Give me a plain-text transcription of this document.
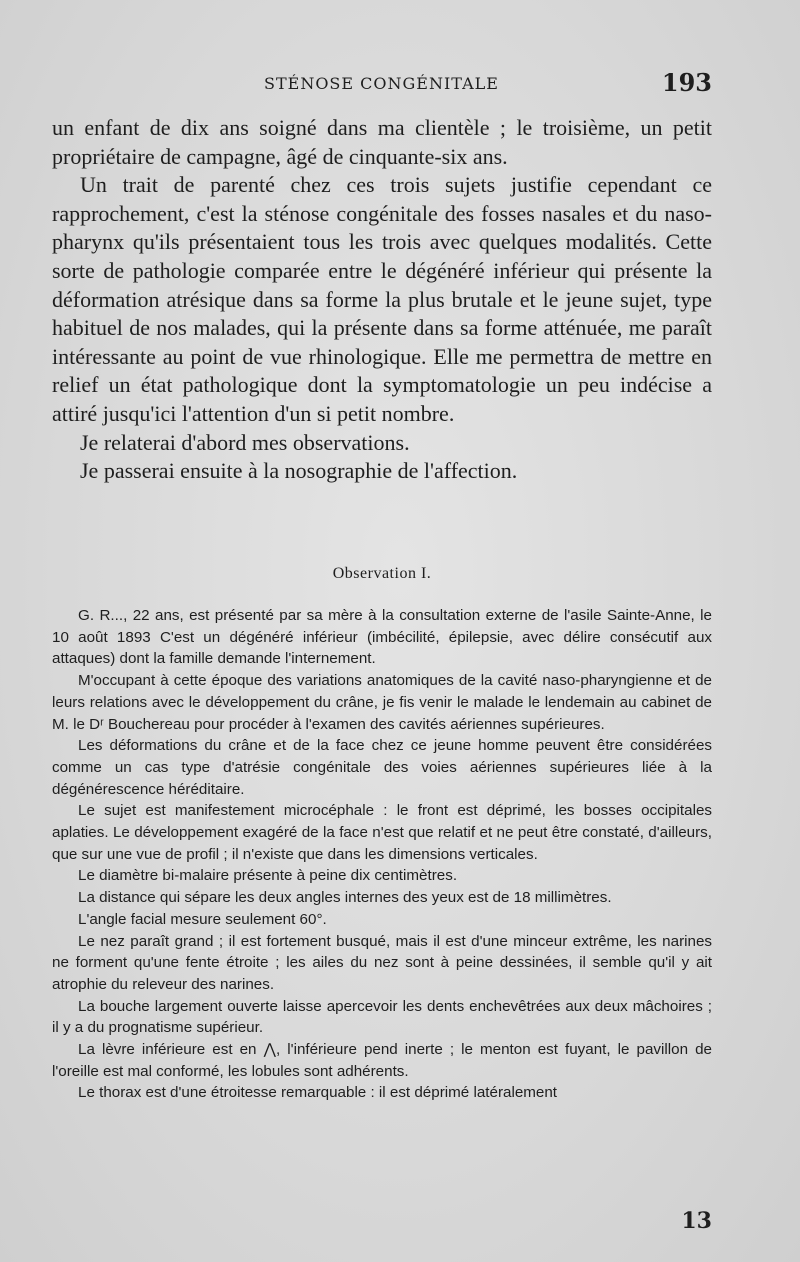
STÉNOSE CONGÉNITALE	193

un enfant de dix ans soigné dans ma clientèle ; le troisième, un petit propriétaire de campagne, âgé de cinquante-six ans.

Un trait de parenté chez ces trois sujets justifie cependant ce rapprochement, c'est la sténose congénitale des fosses nasales et du naso-pharynx qu'ils présentaient tous les trois avec quelques modalités. Cette sorte de pathologie comparée entre le dégénéré inférieur qui présente la déformation atrésique dans sa forme la plus brutale et le jeune sujet, type habituel de nos malades, qui la présente dans sa forme atténuée, me paraît intéressante au point de vue rhinologique. Elle me permettra de mettre en relief un état pathologique dont la symptomatologie un peu indécise a attiré jusqu'ici l'attention d'un si petit nombre.

Je relaterai d'abord mes observations.

Je passerai ensuite à la nosographie de l'affection.

Observation I.

G. R..., 22 ans, est présenté par sa mère à la consultation externe de l'asile Sainte-Anne, le 10 août 1893 C'est un dégénéré inférieur (imbécilité, épilepsie, avec délire consécutif aux attaques) dont la famille demande l'internement.

M'occupant à cette époque des variations anatomiques de la cavité naso-pharyngienne et de leurs relations avec le développement du crâne, je fis venir le malade le lendemain au cabinet de M. le Dʳ Bouchereau pour procéder à l'examen des cavités aériennes supérieures.

Les déformations du crâne et de la face chez ce jeune homme peuvent être considérées comme un cas type d'atrésie congénitale des voies aériennes supérieures liée à la dégénérescence héréditaire.

Le sujet est manifestement microcéphale : le front est déprimé, les bosses occipitales aplaties. Le développement exagéré de la face n'est que relatif et ne peut être constaté, d'ailleurs, que sur une vue de profil ; il n'existe que dans les dimensions verticales.

Le diamètre bi-malaire présente à peine dix centimètres.

La distance qui sépare les deux angles internes des yeux est de 18 millimètres.

L'angle facial mesure seulement 60°.

Le nez paraît grand ; il est fortement busqué, mais il est d'une minceur extrême, les narines ne forment qu'une fente étroite ; les ailes du nez sont à peine dessinées, il semble qu'il y ait atrophie du releveur des narines.

La bouche largement ouverte laisse apercevoir les dents enchevêtrées aux deux mâchoires ; il y a du prognatisme supérieur.

La lèvre inférieure est en ⋀, l'inférieure pend inerte ; le menton est fuyant, le pavillon de l'oreille est mal conformé, les lobules sont adhérents.

Le thorax est d'une étroitesse remarquable : il est déprimé latéralement

13
